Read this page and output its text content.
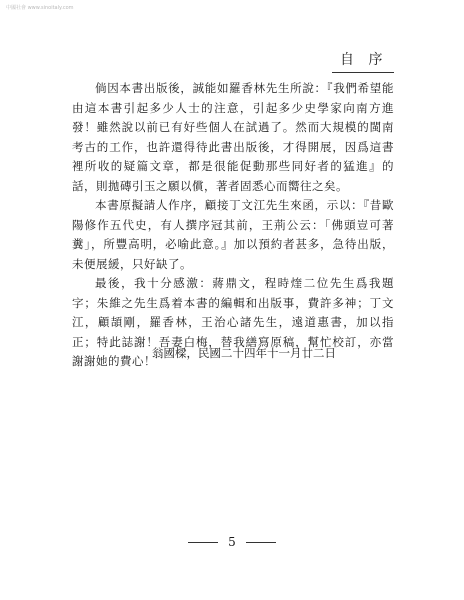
中國社會 www.sinoitaly.com
自 序

倘因本書出版後，誠能如羅香林先生所說：『我們希望能由這本書引起多少人士的注意，引起多少史學家向南方進發！雖然說以前已有好些個人在試過了。然而大規模的閩南考古的工作，也許還得待此書出版後，才得開展，因爲這書裡所收的疑篇文章，都是很能促動那些同好者的猛進』的話，則拋磚引玉之願以償，著者固悉心而嚮往之矣。

本書原擬請人作序，顧接丁文江先生來函，示以：『昔歐陽修作五代史，有人撰序冠其前，王荊公云：「佛頭豈可著糞」，所豐高明，必喻此意。』加以預約者甚多，急待出版，未便展緩，只好缺了。

最後，我十分感激：蔣鼎文，程時煃二位先生爲我題字；朱維之先生爲着本書的編輯和出版事，費許多神；丁文江，顧頡剛，羅香林，王治心諸先生，遠道惠書，加以指正；特此誌謝！吾妻白梅，替我繕寫原稿，幫忙校訂，亦當謝謝她的費心！

翁國樑，民國二十四年十一月廿二日
5
